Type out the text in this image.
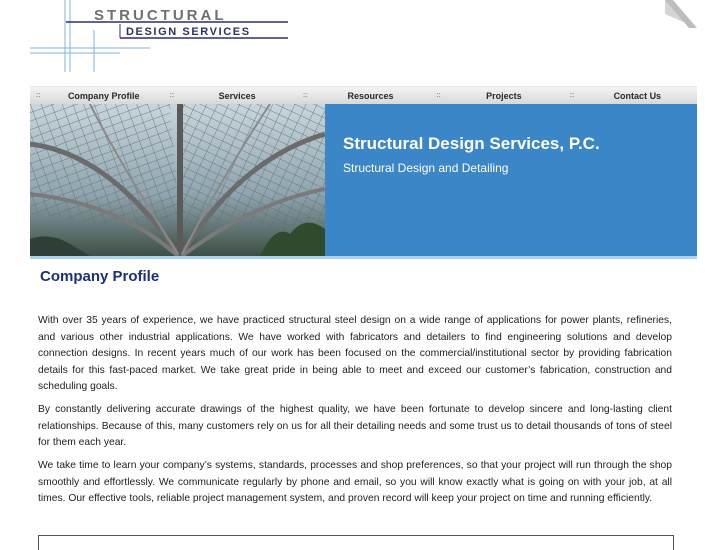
STRUCTURAL
DESIGN SERVICES
::	Company Profile	::	Services	::	Resources	::	Projects	::	Contact Us
Structural Design Services, P.C.
Structural Design and Detailing
Company Profile

With over 35 years of experience, we have practiced structural steel design on a wide range of applications for power plants, refineries, and various other industrial applications. We have worked with fabricators and detailers to find engineering solutions and develop connection designs. In recent years much of our work has been focused on the commercial/institutional sector by providing fabrication details for this fast-paced market. We take great pride in being able to meet and exceed our customer’s fabrication, construction and scheduling goals.

By constantly delivering accurate drawings of the highest quality, we have been fortunate to develop sincere and long-lasting client relationships. Because of this, many customers rely on us for all their detailing needs and some trust us to detail thousands of tons of steel for them each year.

We take time to learn your company’s systems, standards, processes and shop preferences, so that your project will run through the shop smoothly and effortlessly. We communicate regularly by phone and email, so you will know exactly what is going on with your job, at all times. Our effective tools, reliable project management system, and proven record will keep your project on time and running efficiently.
